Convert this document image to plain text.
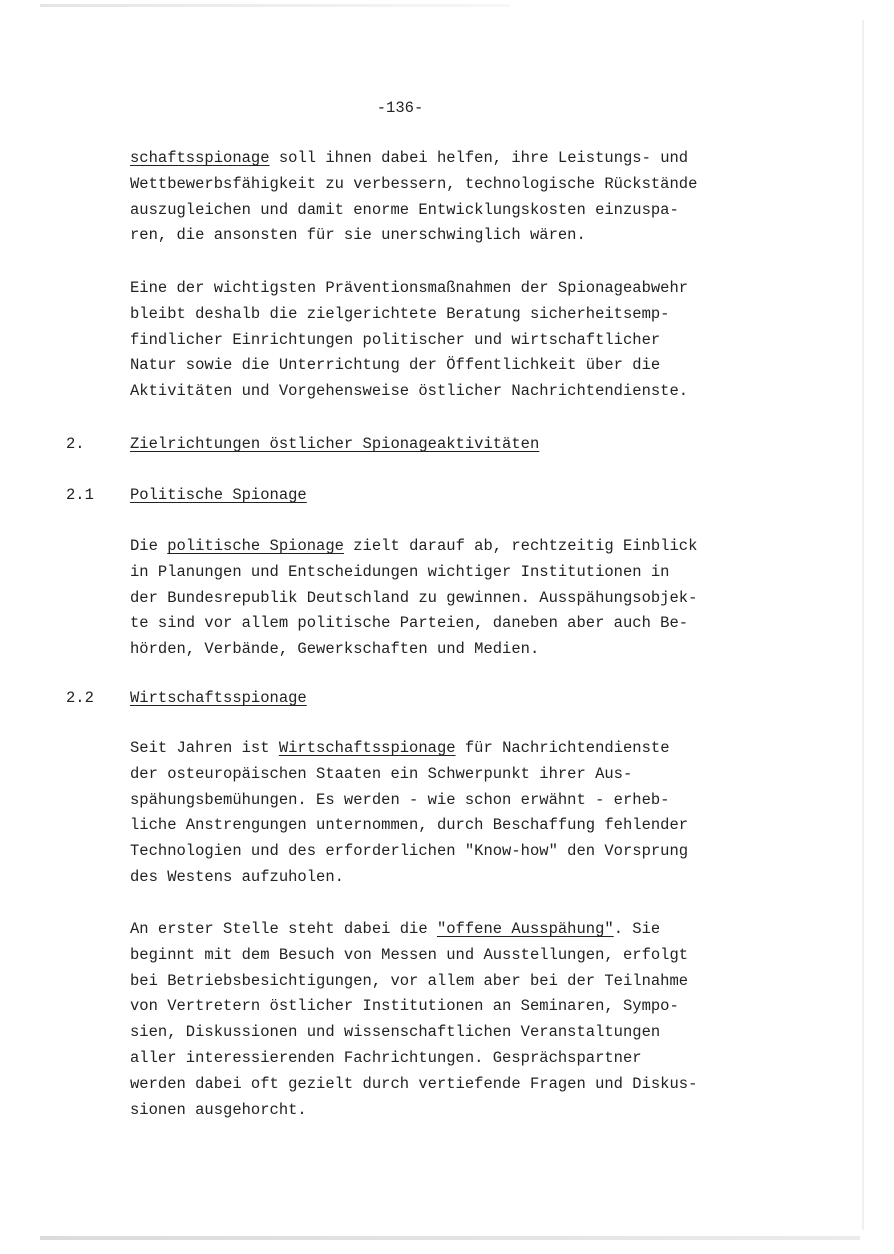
-136-
schaftsspionage soll ihnen dabei helfen, ihre Leistungs- und
Wettbewerbsfähigkeit zu verbessern, technologische Rückstände
auszugleichen und damit enorme Entwicklungskosten einzuspa-
ren, die ansonsten für sie unerschwinglich wären.
Eine der wichtigsten Präventionsmaßnahmen der Spionageabwehr
bleibt deshalb die zielgerichtete Beratung sicherheitsemp-
findlicher Einrichtungen politischer und wirtschaftlicher
Natur sowie die Unterrichtung der Öffentlichkeit über die
Aktivitäten und Vorgehensweise östlicher Nachrichtendienste.
2.	Zielrichtungen östlicher Spionageaktivitäten
2.1 Politische Spionage
Die politische Spionage zielt darauf ab, rechtzeitig Einblick
in Planungen und Entscheidungen wichtiger Institutionen in
der Bundesrepublik Deutschland zu gewinnen. Ausspähungsobjek-
te sind vor allem politische Parteien, daneben aber auch Be-
hörden, Verbände, Gewerkschaften und Medien.
2.2 Wirtschaftsspionage
Seit Jahren ist Wirtschaftsspionage für Nachrichtendienste
der osteuropäischen Staaten ein Schwerpunkt ihrer Aus-
spähungsbemühungen. Es werden - wie schon erwähnt - erheb-
liche Anstrengungen unternommen, durch Beschaffung fehlender
Technologien und des erforderlichen "Know-how" den Vorsprung
des Westens aufzuholen.
An erster Stelle steht dabei die "offene Ausspähung". Sie
beginnt mit dem Besuch von Messen und Ausstellungen, erfolgt
bei Betriebsbesichtigungen, vor allem aber bei der Teilnahme
von Vertretern östlicher Institutionen an Seminaren, Sympo-
sien, Diskussionen und wissenschaftlichen Veranstaltungen
aller interessierenden Fachrichtungen. Gesprächspartner
werden dabei oft gezielt durch vertiefende Fragen und Diskus-
sionen ausgehorcht.
